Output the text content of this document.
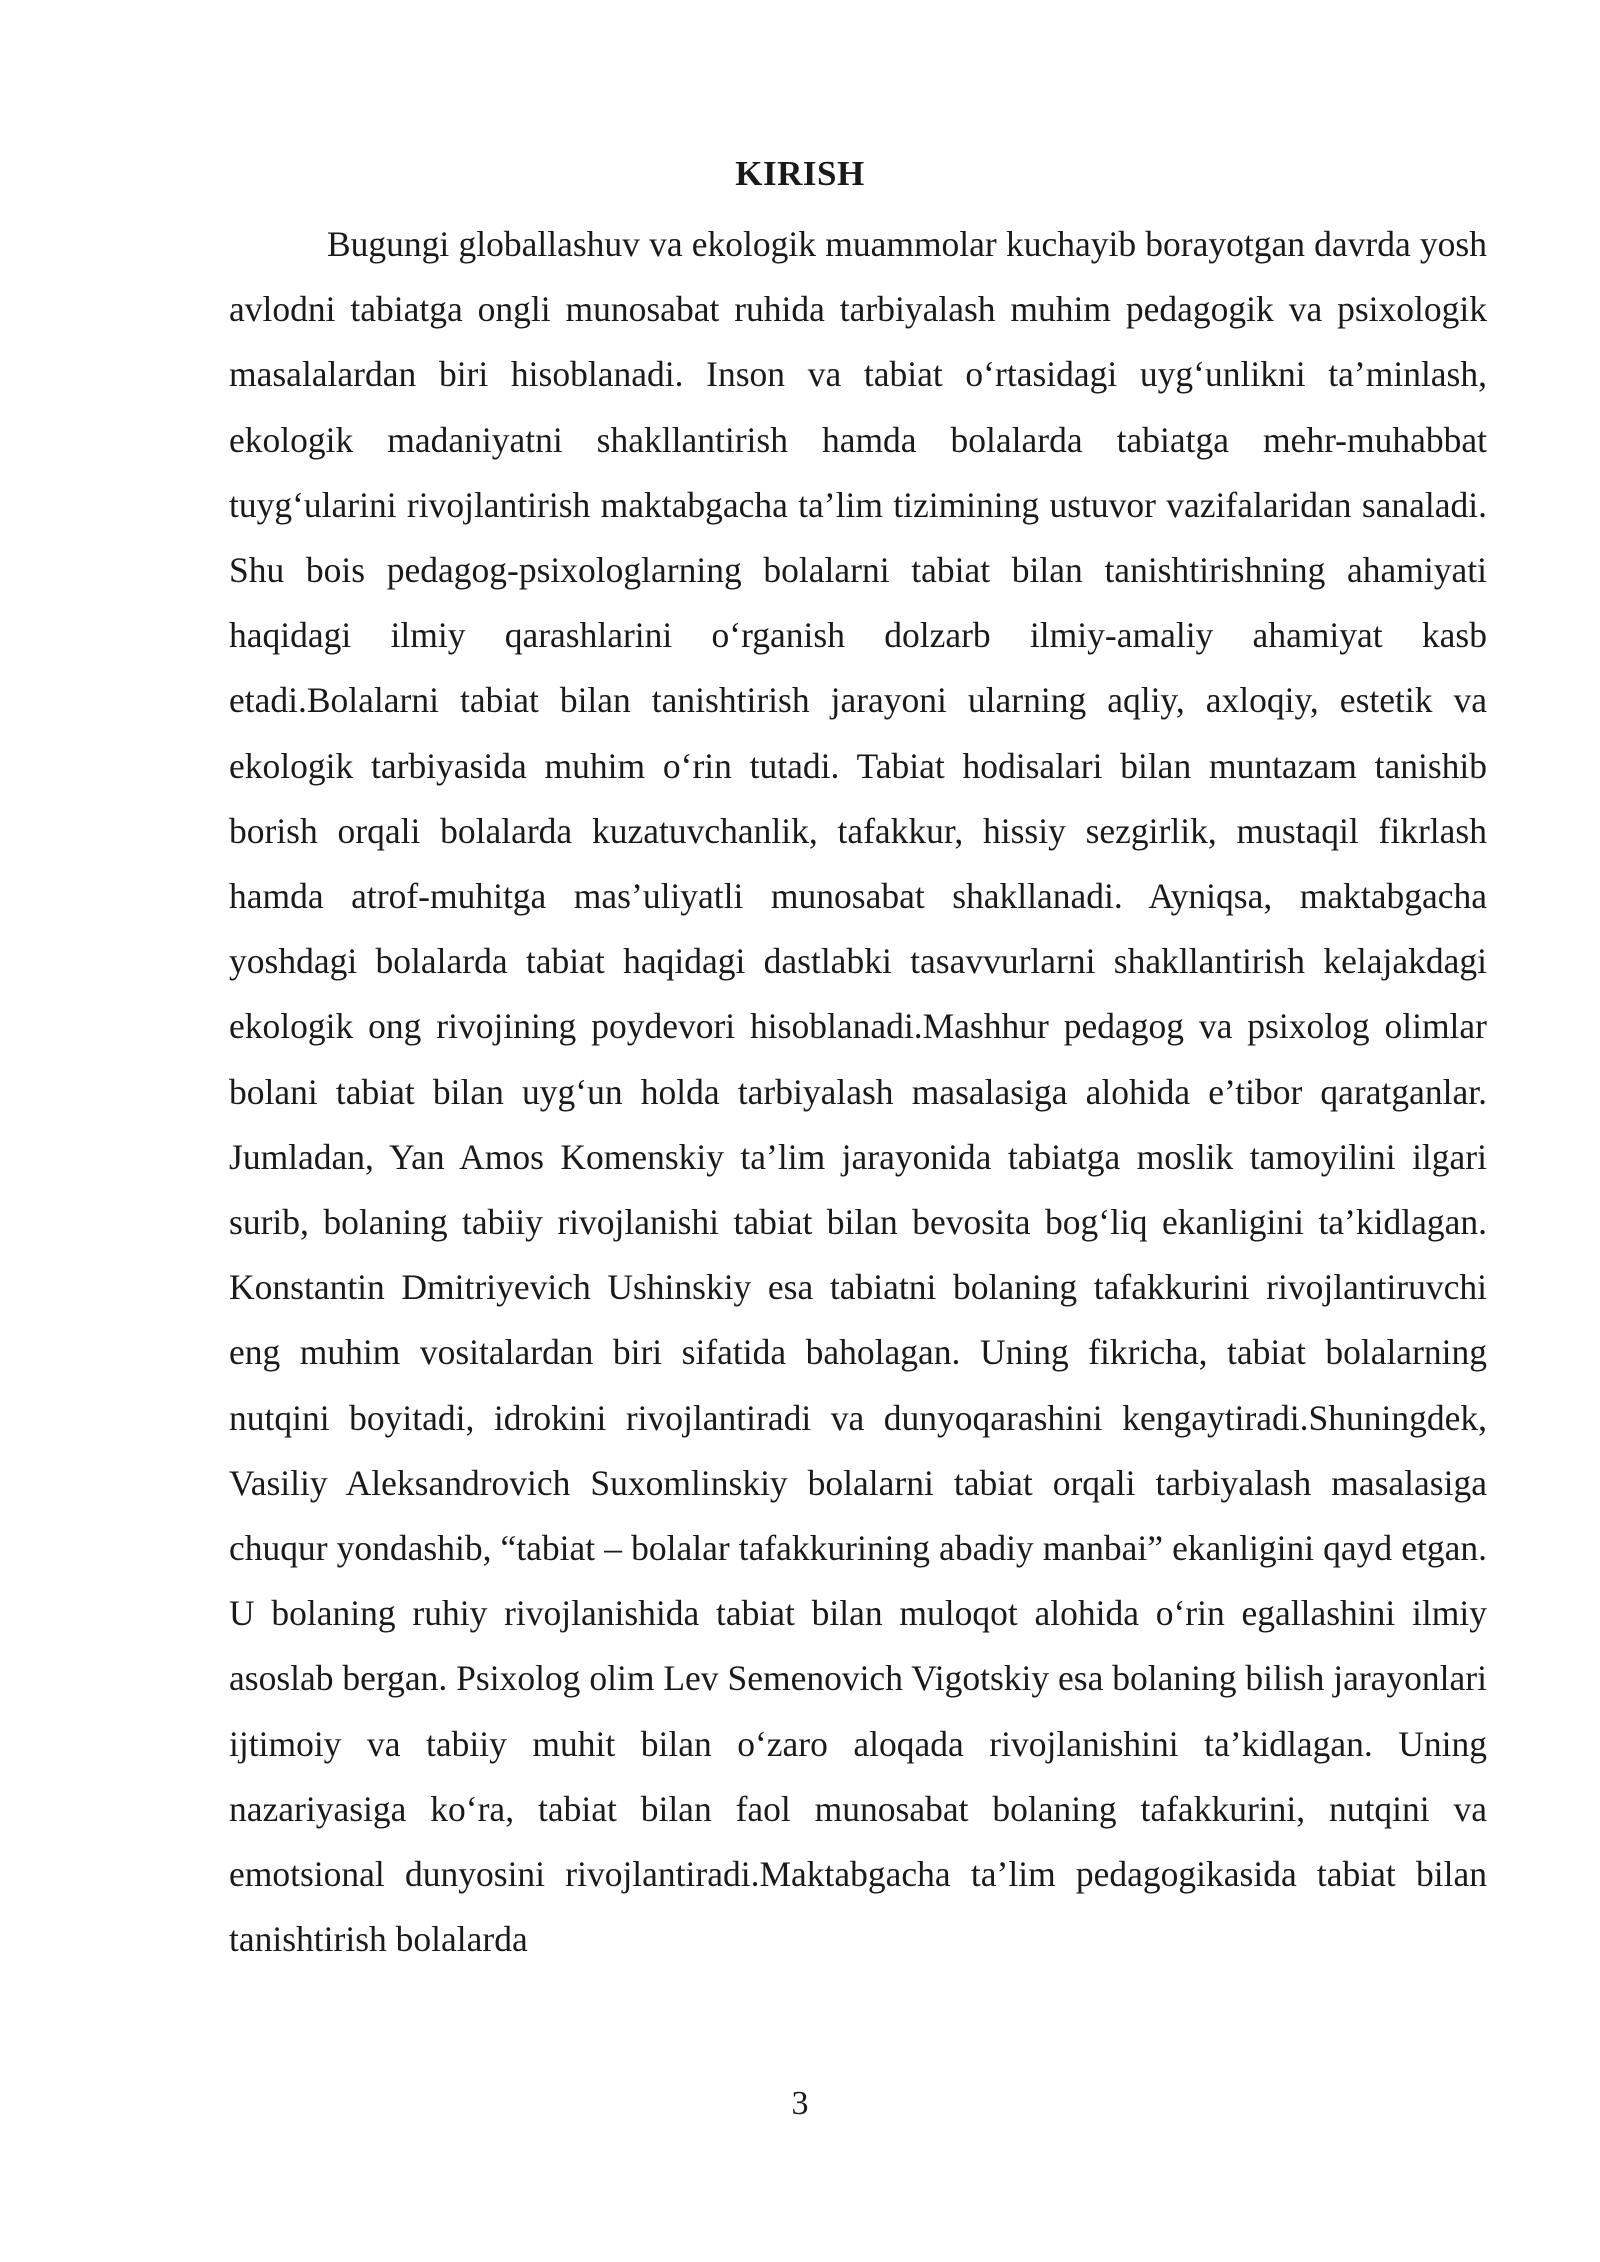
KIRISH

Bugungi globallashuv va ekologik muammolar kuchayib borayotgan davrda yosh avlodni tabiatga ongli munosabat ruhida tarbiyalash muhim pedagogik va psixologik masalalardan biri hisoblanadi. Inson va tabiat o‘rtasidagi uyg‘unlikni ta’minlash, ekologik madaniyatni shakllantirish hamda bolalarda tabiatga mehr-muhabbat tuyg‘ularini rivojlantirish maktabgacha ta’lim tizimining ustuvor vazifalaridan sanaladi. Shu bois pedagog-psixologlarning bolalarni tabiat bilan tanishtirishning ahamiyati haqidagi ilmiy qarashlarini o‘rganish dolzarb ilmiy-amaliy ahamiyat kasb etadi.Bolalarni tabiat bilan tanishtirish jarayoni ularning aqliy, axloqiy, estetik va ekologik tarbiyasida muhim o‘rin tutadi. Tabiat hodisalari bilan muntazam tanishib borish orqali bolalarda kuzatuvchanlik, tafakkur, hissiy sezgirlik, mustaqil fikrlash hamda atrof-muhitga mas’uliyatli munosabat shakllanadi. Ayniqsa, maktabgacha yoshdagi bolalarda tabiat haqidagi dastlabki tasavvurlarni shakllantirish kelajakdagi ekologik ong rivojining poydevori hisoblanadi.Mashhur pedagog va psixolog olimlar bolani tabiat bilan uyg‘un holda tarbiyalash masalasiga alohida e’tibor qaratganlar. Jumladan, Yan Amos Komenskiy ta’lim jarayonida tabiatga moslik tamoyilini ilgari surib, bolaning tabiiy rivojlanishi tabiat bilan bevosita bog‘liq ekanligini ta’kidlagan. Konstantin Dmitriyevich Ushinskiy esa tabiatni bolaning tafakkurini rivojlantiruvchi eng muhim vositalardan biri sifatida baholagan. Uning fikricha, tabiat bolalarning nutqini boyitadi, idrokini rivojlantiradi va dunyoqarashini kengaytiradi.Shuningdek, Vasiliy Aleksandrovich Suxomlinskiy bolalarni tabiat orqali tarbiyalash masalasiga chuqur yondashib, “tabiat – bolalar tafakkurining abadiy manbai” ekanligini qayd etgan. U bolaning ruhiy rivojlanishida tabiat bilan muloqot alohida o‘rin egallashini ilmiy asoslab bergan. Psixolog olim Lev Semenovich Vigotskiy esa bolaning bilish jarayonlari ijtimoiy va tabiiy muhit bilan o‘zaro aloqada rivojlanishini ta’kidlagan. Uning nazariyasiga ko‘ra, tabiat bilan faol munosabat bolaning tafakkurini, nutqini va emotsional dunyosini rivojlantiradi.Maktabgacha ta’lim pedagogikasida tabiat bilan tanishtirish bolalarda

3
